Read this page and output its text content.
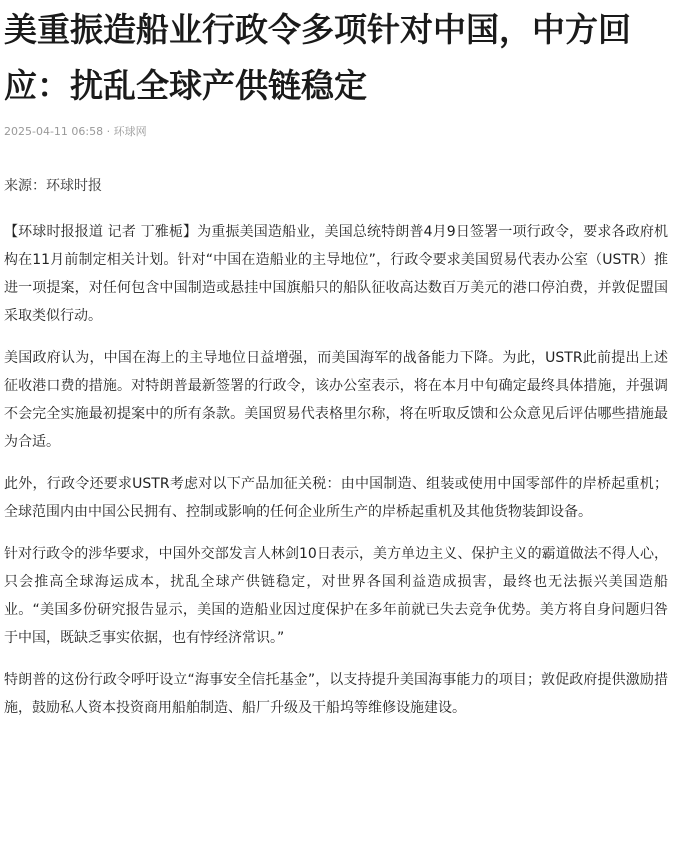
美重振造船业行政令多项针对中国，中方回应：扰乱全球产供链稳定
2025-04-11 06:58 · 环球网
来源：环球时报

【环球时报报道 记者 丁雅栀】为重振美国造船业，美国总统特朗普4月9日签署一项行政令，要求各政府机构在11月前制定相关计划。针对“中国在造船业的主导地位”，行政令要求美国贸易代表办公室（USTR）推进一项提案，对任何包含中国制造或悬挂中国旗船只的船队征收高达数百万美元的港口停泊费，并敦促盟国采取类似行动。

美国政府认为，中国在海上的主导地位日益增强，而美国海军的战备能力下降。为此，USTR此前提出上述征收港口费的措施。对特朗普最新签署的行政令，该办公室表示，将在本月中旬确定最终具体措施，并强调不会完全实施最初提案中的所有条款。美国贸易代表格里尔称，将在听取反馈和公众意见后评估哪些措施最为合适。

此外，行政令还要求USTR考虑对以下产品加征关税：由中国制造、组装或使用中国零部件的岸桥起重机；全球范围内由中国公民拥有、控制或影响的任何企业所生产的岸桥起重机及其他货物装卸设备。

针对行政令的涉华要求，中国外交部发言人林剑10日表示，美方单边主义、保护主义的霸道做法不得人心，只会推高全球海运成本，扰乱全球产供链稳定，对世界各国利益造成损害，最终也无法振兴美国造船业。“美国多份研究报告显示，美国的造船业因过度保护在多年前就已失去竞争优势。美方将自身问题归咎于中国，既缺乏事实依据，也有悖经济常识。”

特朗普的这份行政令呼吁设立“海事安全信托基金”，以支持提升美国海事能力的项目；敦促政府提供激励措施，鼓励私人资本投资商用船舶制造、船厂升级及干船坞等维修设施建设。
